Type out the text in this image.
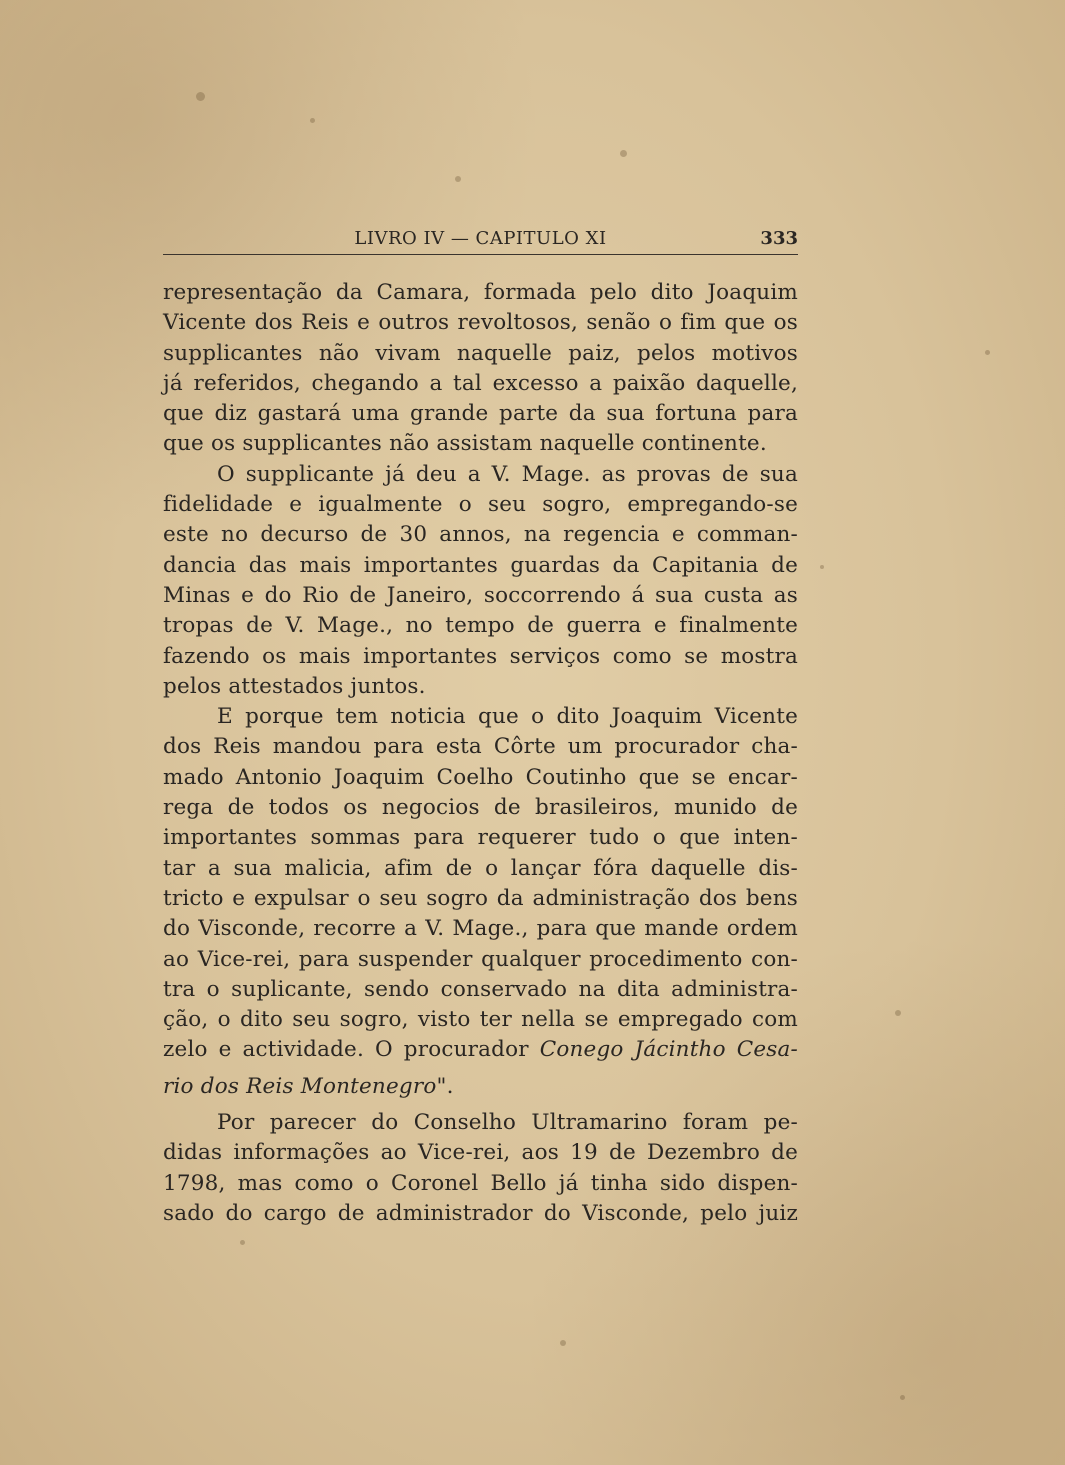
LIVRO IV — CAPITULO XI	333
representação da Camara, formada pelo dito Joaquim
Vicente dos Reis e outros revoltosos, senão o fim que os
supplicantes não vivam naquelle paiz, pelos motivos
já referidos, chegando a tal excesso a paixão daquelle,
que diz gastará uma grande parte da sua fortuna para
que os supplicantes não assistam naquelle continente.
O supplicante já deu a V. Mage. as provas de sua
fidelidade e igualmente o seu sogro, empregando-se
este no decurso de 30 annos, na regencia e comman-
dancia das mais importantes guardas da Capitania de
Minas e do Rio de Janeiro, soccorrendo á sua custa as
tropas de V. Mage., no tempo de guerra e finalmente
fazendo os mais importantes serviços como se mostra
pelos attestados juntos.
E porque tem noticia que o dito Joaquim Vicente
dos Reis mandou para esta Côrte um procurador cha-
mado Antonio Joaquim Coelho Coutinho que se encar-
rega de todos os negocios de brasileiros, munido de
importantes sommas para requerer tudo o que inten-
tar a sua malicia, afim de o lançar fóra daquelle dis-
tricto e expulsar o seu sogro da administração dos bens
do Visconde, recorre a V. Mage., para que mande ordem
ao Vice-rei, para suspender qualquer procedimento con-
tra o suplicante, sendo conservado na dita administra-
ção, o dito seu sogro, visto ter nella se empregado com
zelo e actividade. O procurador Conego Jácintho Cesa-
rio dos Reis Montenegro".
Por parecer do Conselho Ultramarino foram pe-
didas informações ao Vice-rei, aos 19 de Dezembro de
1798, mas como o Coronel Bello já tinha sido dispen-
sado do cargo de administrador do Visconde, pelo juiz
